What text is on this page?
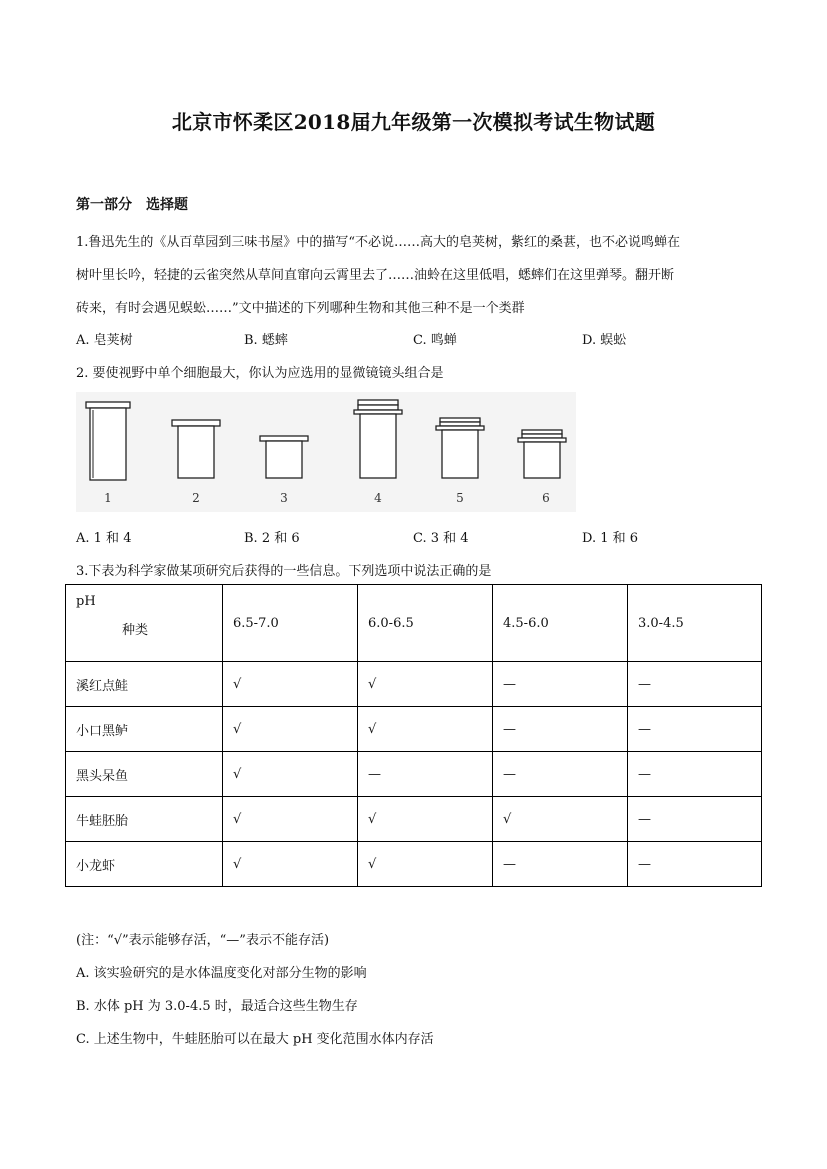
北京市怀柔区2018届九年级第一次模拟考试生物试题
第一部分　选择题
1.鲁迅先生的《从百草园到三味书屋》中的描写“不必说……高大的皂荚树，紫红的桑葚，也不必说鸣蝉在
树叶里长吟，轻捷的云雀突然从草间直窜向云霄里去了……油蛉在这里低唱，蟋蟀们在这里弹琴。翻开断
砖来，有时会遇见蜈蚣……”文中描述的下列哪种生物和其他三种不是一个类群
A. 皂荚树	B. 蟋蟀	C. 鸣蝉	D. 蜈蚣
2. 要使视野中单个细胞最大，你认为应选用的显微镜镜头组合是
1	2	3	4	5	6
A. 1 和 4	B. 2 和 6	C. 3 和 4	D. 1 和 6
3.下表为科学家做某项研究后获得的一些信息。下列选项中说法正确的是
pH
种类	6.5-7.0	6.0-6.5	4.5-6.0	3.0-4.5
溪红点鲑	√	√	—	—
小口黑鲈	√	√	—	—
黑头呆鱼	√	—	—	—
牛蛙胚胎	√	√	√	—
小龙虾	√	√	—	—
(注：“√”表示能够存活，“—”表示不能存活)
A. 该实验研究的是水体温度变化对部分生物的影响
B. 水体 pH 为 3.0-4.5 时，最适合这些生物生存
C. 上述生物中，牛蛙胚胎可以在最大 pH 变化范围水体内存活
